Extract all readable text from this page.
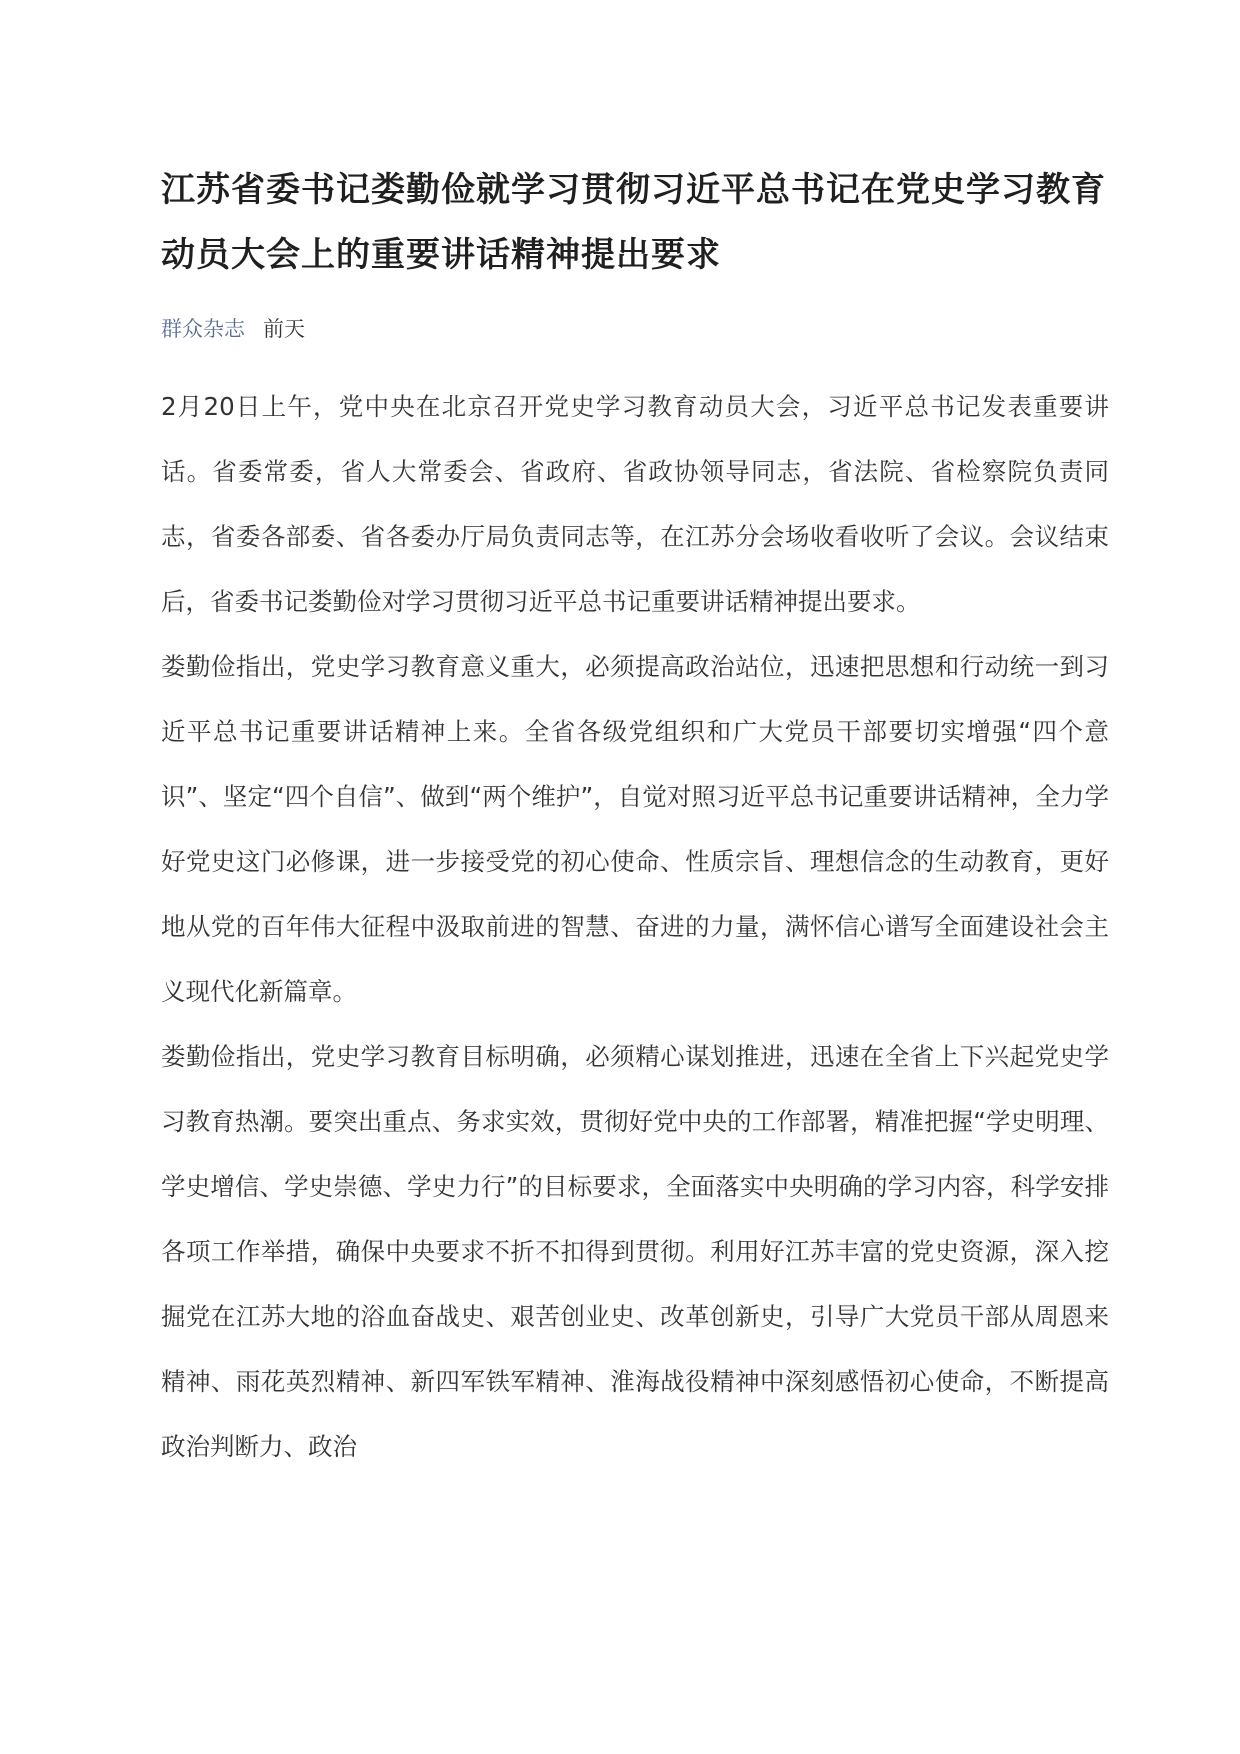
江苏省委书记娄勤俭就学习贯彻习近平总书记在党史学习教育动员大会上的重要讲话精神提出要求
群众杂志 前天

2月20日上午，党中央在北京召开党史学习教育动员大会，习近平总书记发表重要讲话。省委常委，省人大常委会、省政府、省政协领导同志，省法院、省检察院负责同志，省委各部委、省各委办厅局负责同志等，在江苏分会场收看收听了会议。会议结束后，省委书记娄勤俭对学习贯彻习近平总书记重要讲话精神提出要求。

娄勤俭指出，党史学习教育意义重大，必须提高政治站位，迅速把思想和行动统一到习近平总书记重要讲话精神上来。全省各级党组织和广大党员干部要切实增强“四个意识”、坚定“四个自信”、做到“两个维护”，自觉对照习近平总书记重要讲话精神，全力学好党史这门必修课，进一步接受党的初心使命、性质宗旨、理想信念的生动教育，更好地从党的百年伟大征程中汲取前进的智慧、奋进的力量，满怀信心谱写全面建设社会主义现代化新篇章。

娄勤俭指出，党史学习教育目标明确，必须精心谋划推进，迅速在全省上下兴起党史学习教育热潮。要突出重点、务求实效，贯彻好党中央的工作部署，精准把握“学史明理、学史增信、学史崇德、学史力行”的目标要求，全面落实中央明确的学习内容，科学安排各项工作举措，确保中央要求不折不扣得到贯彻。利用好江苏丰富的党史资源，深入挖掘党在江苏大地的浴血奋战史、艰苦创业史、改革创新史，引导广大党员干部从周恩来精神、雨花英烈精神、新四军铁军精神、淮海战役精神中深刻感悟初心使命，不断提高政治判断力、政治
